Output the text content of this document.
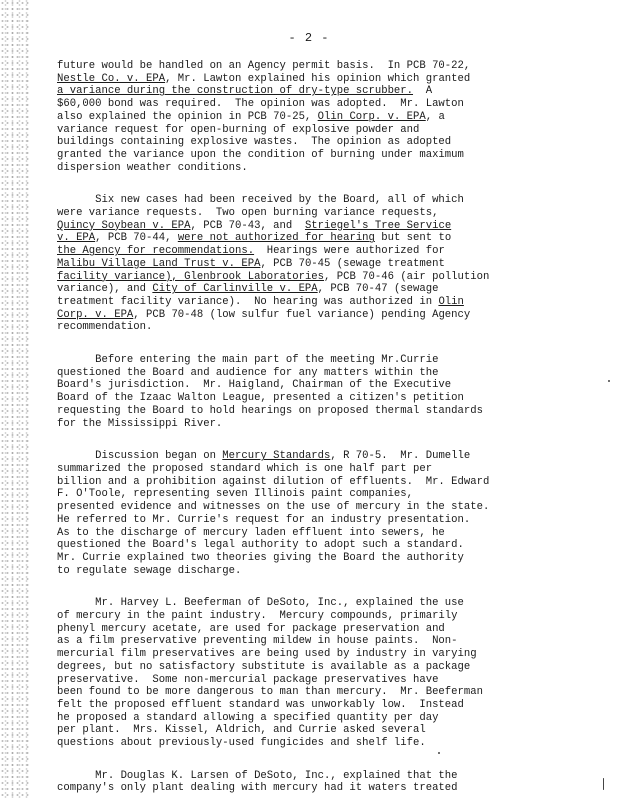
- 2 -

future would be handled on an Agency permit basis.  In PCB 70-22,
Nestle Co. v. EPA, Mr. Lawton explained his opinion which granted
a variance during the construction of dry-type scrubber.  A
$60,000 bond was required.  The opinion was adopted.  Mr. Lawton
also explained the opinion in PCB 70-25, Olin Corp. v. EPA, a
variance request for open-burning of explosive powder and
buildings containing explosive wastes.  The opinion as adopted
granted the variance upon the condition of burning under maximum
dispersion weather conditions.

Six new cases had been received by the Board, all of which
were variance requests.  Two open burning variance requests,
Quincy Soybean v. EPA, PCB 70-43, and  Striegel's Tree Service
v. EPA, PCB 70-44, were not authorized for hearing but sent to
the Agency for recommendations.  Hearings were authorized for
Malibu Village Land Trust v. EPA, PCB 70-45 (sewage treatment
facility variance), Glenbrook Laboratories, PCB 70-46 (air pollution
variance), and City of Carlinville v. EPA, PCB 70-47 (sewage
treatment facility variance).  No hearing was authorized in Olin
Corp. v. EPA, PCB 70-48 (low sulfur fuel variance) pending Agency
recommendation.

Before entering the main part of the meeting Mr.Currie
questioned the Board and audience for any matters within the
Board's jurisdiction.  Mr. Haigland, Chairman of the Executive
Board of the Izaac Walton League, presented a citizen's petition
requesting the Board to hold hearings on proposed thermal standards
for the Mississippi River.

Discussion began on Mercury Standards, R 70-5.  Mr. Dumelle
summarized the proposed standard which is one half part per
billion and a prohibition against dilution of effluents.  Mr. Edward
F. O'Toole, representing seven Illinois paint companies,
presented evidence and witnesses on the use of mercury in the state.
He referred to Mr. Currie's request for an industry presentation.
As to the discharge of mercury laden effluent into sewers, he
questioned the Board's legal authority to adopt such a standard.
Mr. Currie explained two theories giving the Board the authority
to regulate sewage discharge.

Mr. Harvey L. Beeferman of DeSoto, Inc., explained the use
of mercury in the paint industry.  Mercury compounds, primarily
phenyl mercury acetate, are used for package preservation and
as a film preservative preventing mildew in house paints.  Non-
mercurial film preservatives are being used by industry in varying
degrees, but no satisfactory substitute is available as a package
preservative.  Some non-mercurial package preservatives have
been found to be more dangerous to man than mercury.  Mr. Beeferman
felt the proposed effluent standard was unworkably low.  Instead
he proposed a standard allowing a specified quantity per day
per plant.  Mrs. Kissel, Aldrich, and Currie asked several
questions about previously-used fungicides and shelf life.

Mr. Douglas K. Larsen of DeSoto, Inc., explained that the
company's only plant dealing with mercury had it waters treated
